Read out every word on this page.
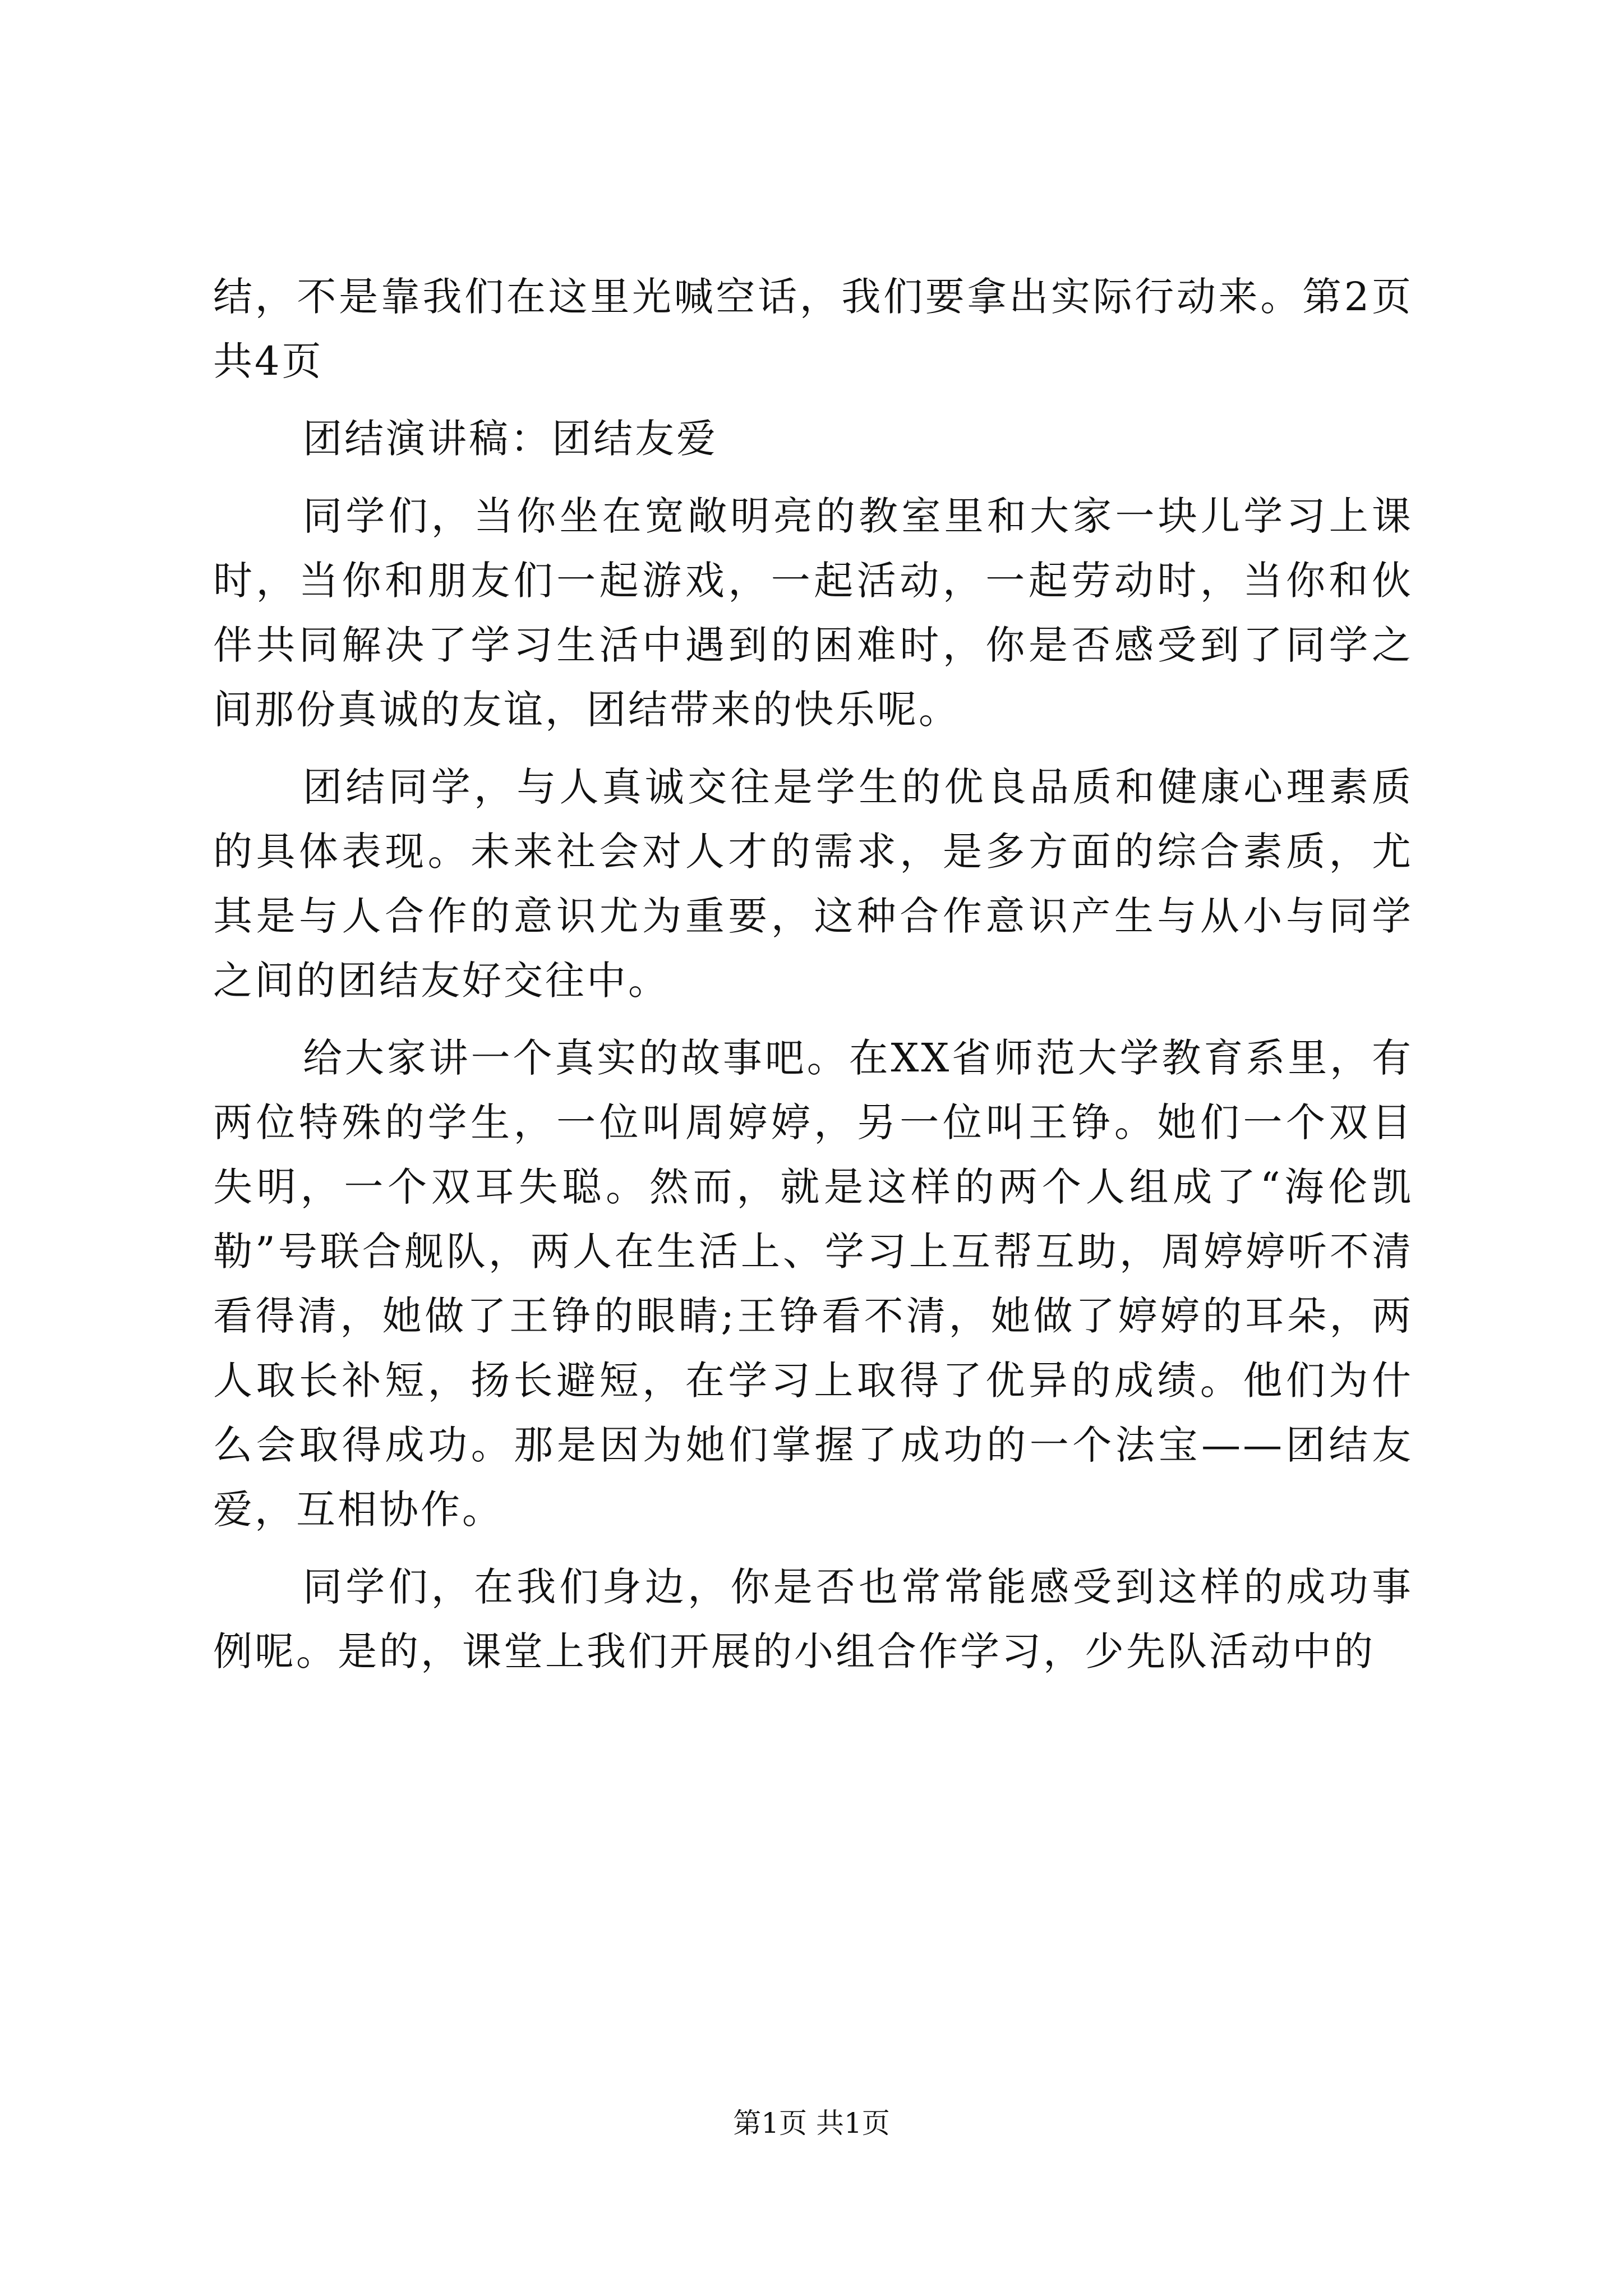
结，不是靠我们在这里光喊空话，我们要拿出实际行动来。第2页共4页

团结演讲稿：团结友爱

同学们，当你坐在宽敞明亮的教室里和大家一块儿学习上课时，当你和朋友们一起游戏，一起活动，一起劳动时，当你和伙伴共同解决了学习生活中遇到的困难时，你是否感受到了同学之间那份真诚的友谊，团结带来的快乐呢。

团结同学，与人真诚交往是学生的优良品质和健康心理素质的具体表现。未来社会对人才的需求，是多方面的综合素质，尤其是与人合作的意识尤为重要，这种合作意识产生与从小与同学之间的团结友好交往中。

给大家讲一个真实的故事吧。在XX省师范大学教育系里，有两位特殊的学生，一位叫周婷婷，另一位叫王铮。她们一个双目失明，一个双耳失聪。然而，就是这样的两个人组成了“海伦凯勒”号联合舰队，两人在生活上、学习上互帮互助，周婷婷听不清看得清，她做了王铮的眼睛;王铮看不清，她做了婷婷的耳朵，两人取长补短，扬长避短，在学习上取得了优异的成绩。他们为什么会取得成功。那是因为她们掌握了成功的一个法宝——团结友爱，互相协作。

同学们，在我们身边，你是否也常常能感受到这样的成功事例呢。是的，课堂上我们开展的小组合作学习，少先队活动中的

第1页 共1页
